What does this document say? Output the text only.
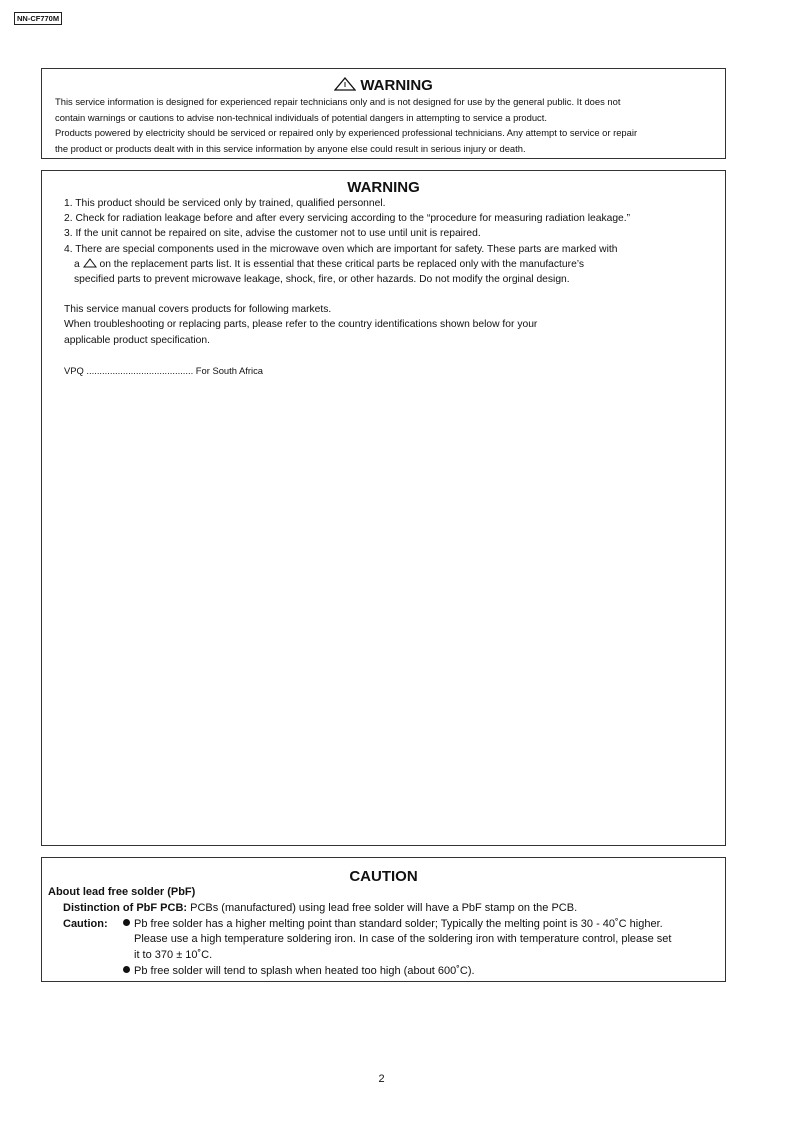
NN-CF770M
WARNING
This service information is designed for experienced repair technicians only and is not designed for use by the general public. It does not
contain warnings or cautions to advise non-technical individuals of potential dangers in attempting to service a product.
Products powered by electricity should be serviced or repaired only by experienced professional technicians. Any attempt to service or repair
the product or products dealt with in this service information by anyone else could result in serious injury or death.
WARNING
1. This product should be serviced only by trained, qualified personnel.
2. Check for radiation leakage before and after every servicing according to the “procedure for measuring radiation leakage.”
3. If the unit cannot be repaired on site, advise the customer not to use until unit is repaired.
4. There are special components used in the microwave oven which are important for safety. These parts are marked with
a  on the replacement parts list. It is essential that these critical parts be replaced only with the manufacture’s
specified parts to prevent microwave leakage, shock, fire, or other hazards. Do not modify the orginal design.
This service manual covers products for following markets.
When troubleshooting or replacing parts, please refer to the country identifications shown below for your
applicable product specification.
VPQ ......................................... For South Africa
CAUTION
About lead free solder (PbF)
Distinction of PbF PCB: PCBs (manufactured) using lead free solder will have a PbF stamp on the PCB.
Caution: Pb free solder has a higher melting point than standard solder; Typically the melting point is 30 - 40˚C higher.
Please use a high temperature soldering iron. In case of the soldering iron with temperature control, please set
it to 370 ± 10˚C.
Pb free solder will tend to splash when heated too high (about 600˚C).
2
